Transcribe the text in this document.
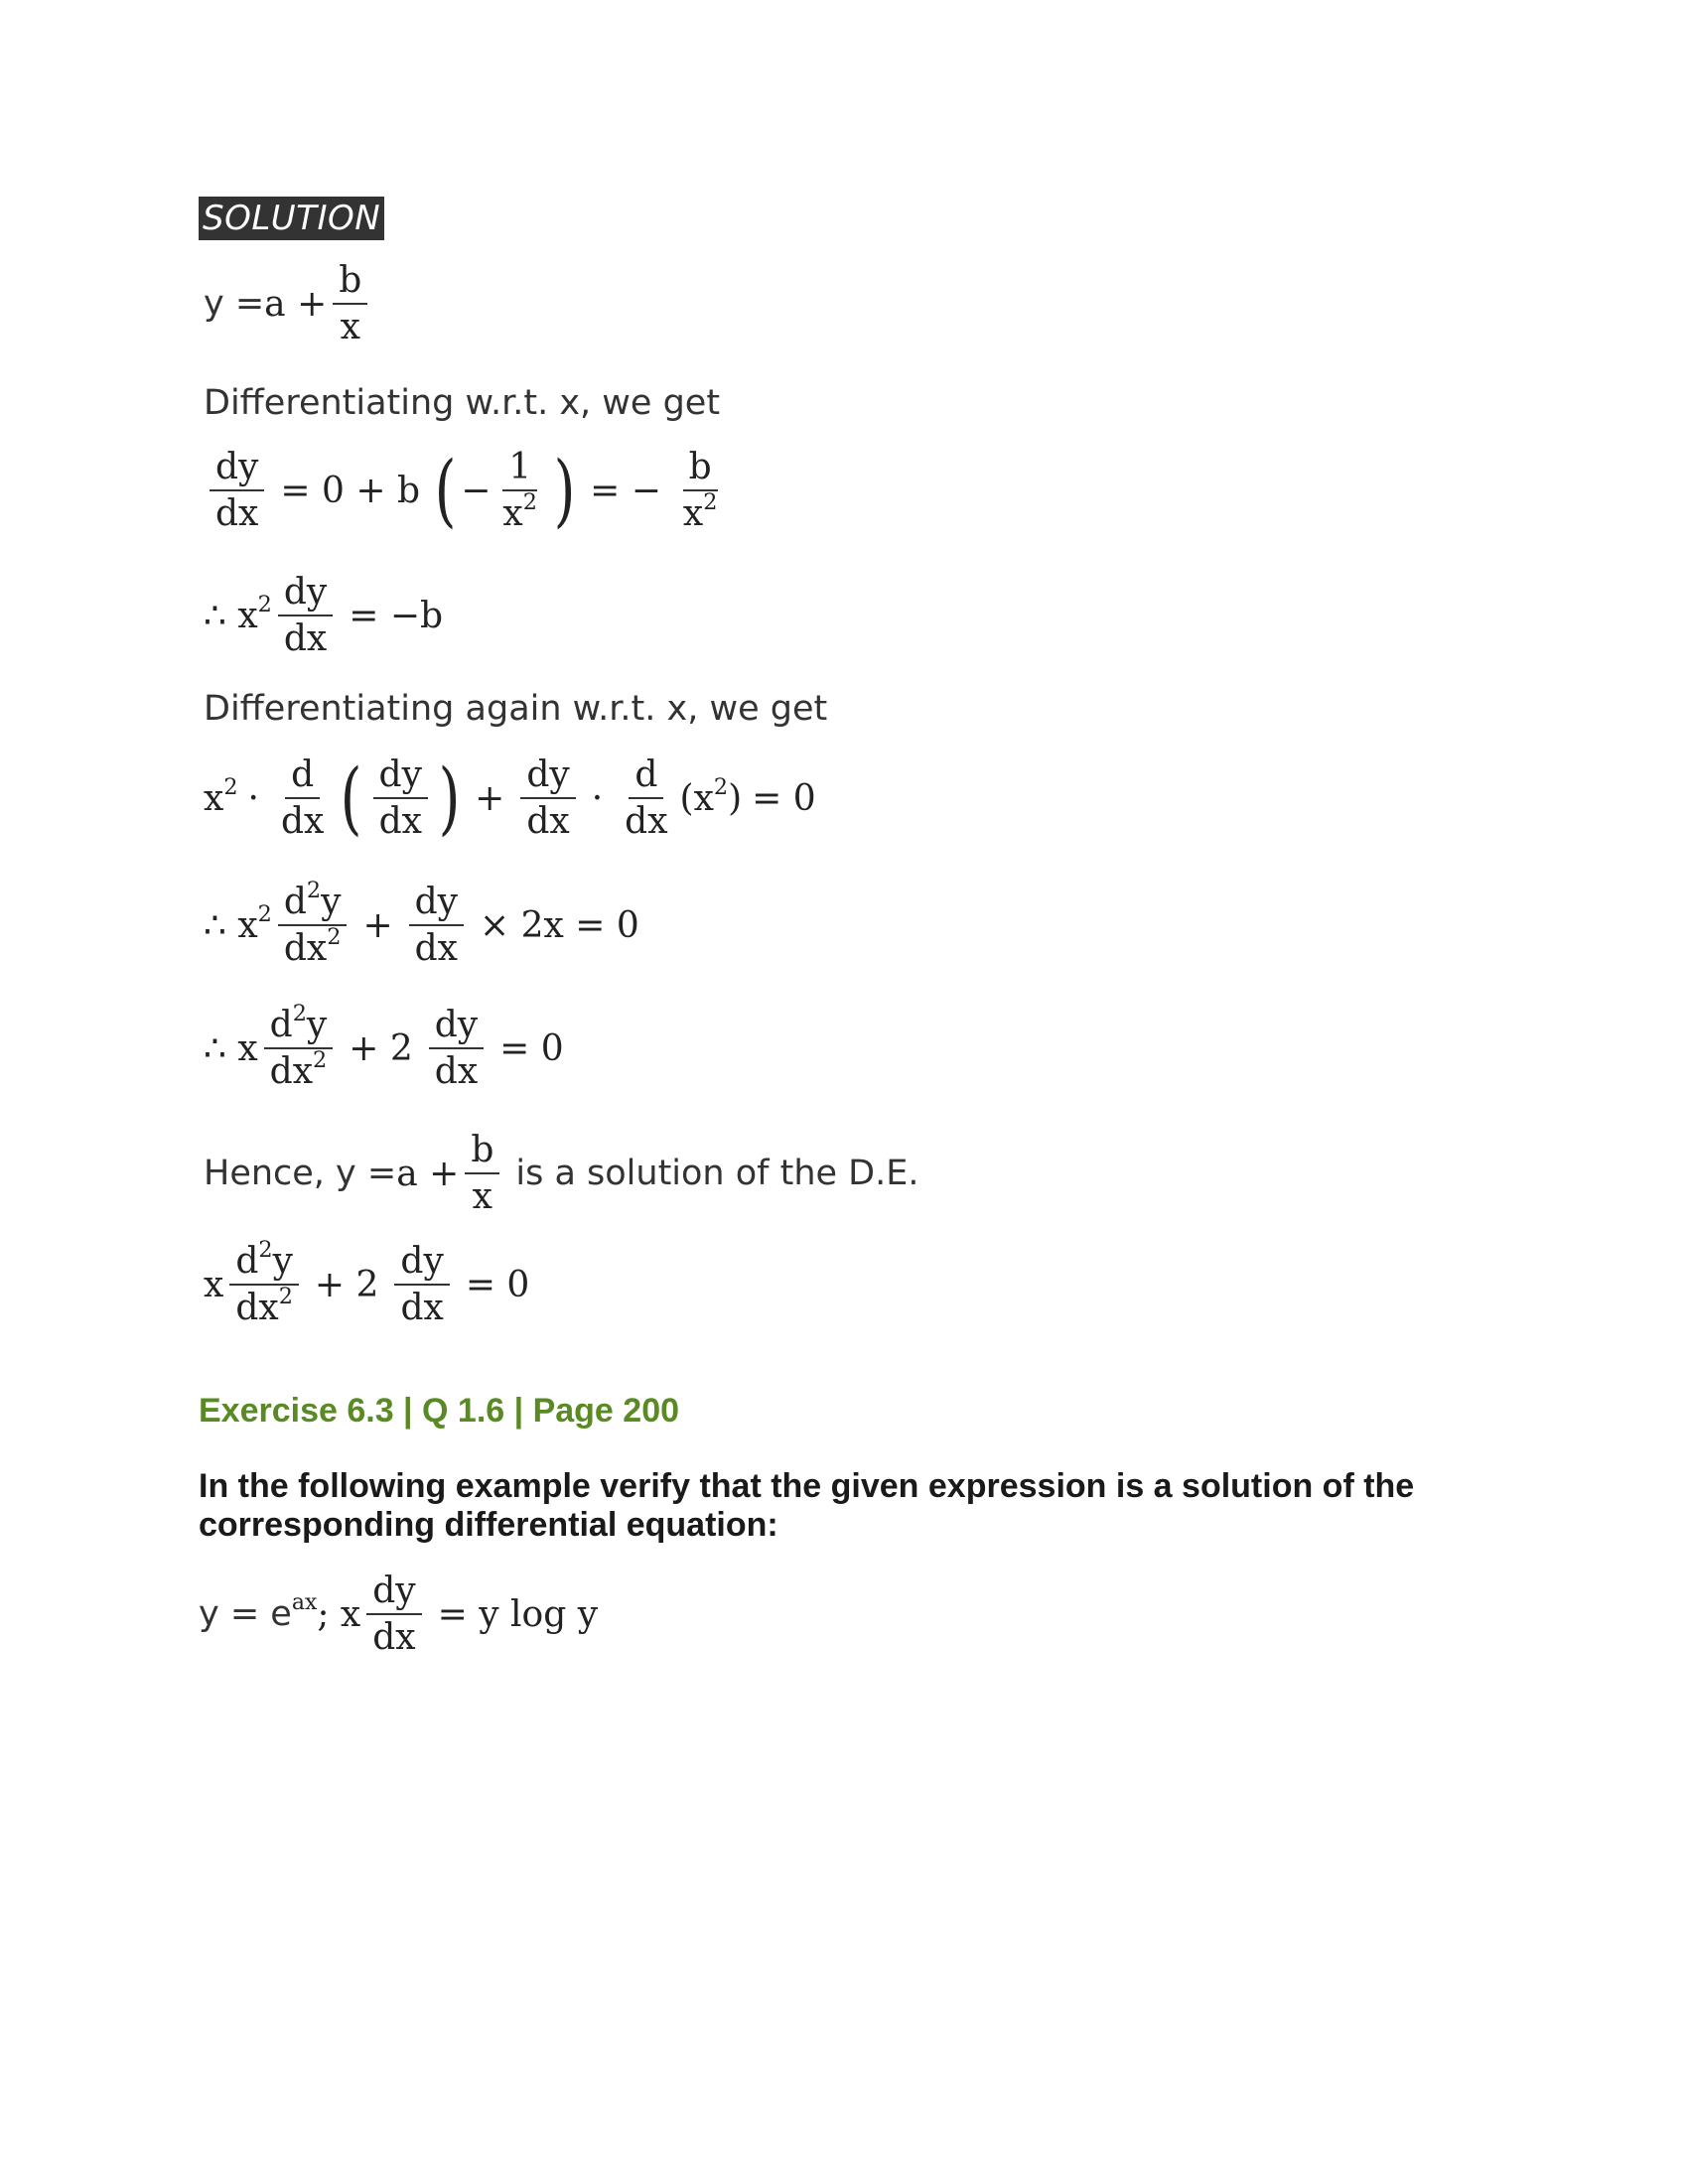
SOLUTION
$y = a + \frac{b}{x}$
Differentiating w.r.t. x, we get
$\frac{dy}{dx} = 0 + b$ ( − $\frac{1}{x^2}$ ) = − $\frac{b}{x^2}$
∴ $x^2 \frac{dy}{dx} = -b$
Differentiating again w.r.t. x, we get
$x^2 \cdot \frac{d}{dx}$ ( $\frac{dy}{dx}$ ) + $\frac{dy}{dx} \cdot \frac{d}{dx} (x^2) = 0$
∴ $x^2 \frac{d^2y}{dx^2} + \frac{dy}{dx} \times 2x = 0$
∴ x $\frac{d^2y}{dx^2} + 2 \frac{dy}{dx} = 0$
Hence, $y = a + \frac{b}{x}$ is a solution of the D.E.
x $\frac{d^2y}{dx^2} + 2 \frac{dy}{dx} = 0$
Exercise 6.3 | Q 1.6 | Page 200
In the following example verify that the given expression is a solution of the corresponding differential equation:
$y = e^{ax}$ ; x $\frac{dy}{dx} = y$ log y
